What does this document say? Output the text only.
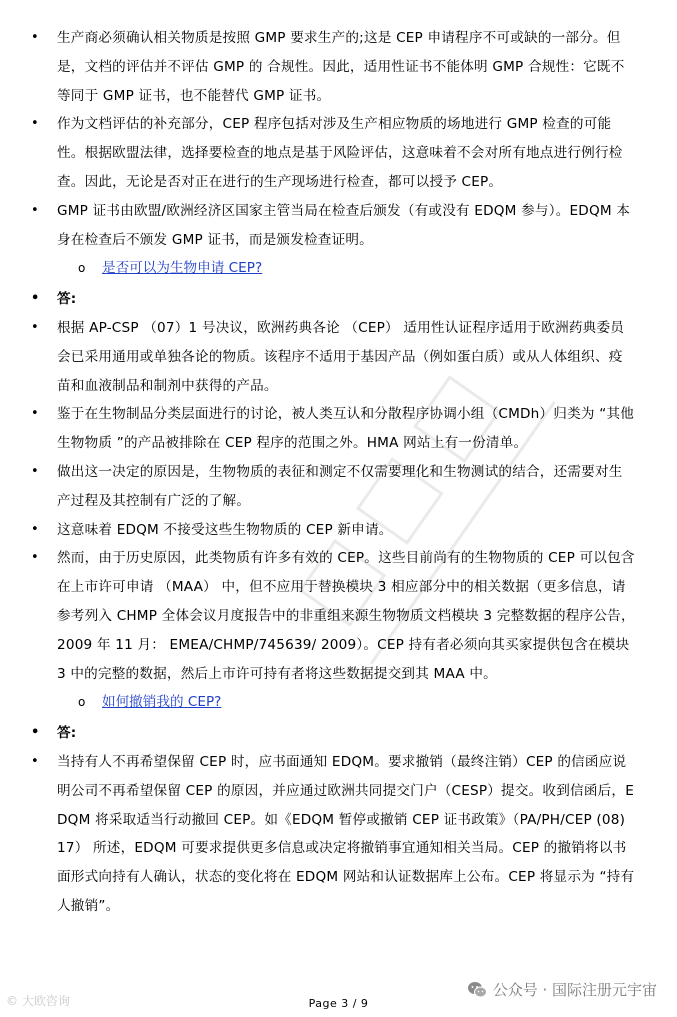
•	生产商必须确认相关物质是按照 GMP 要求生产的;这是 CEP 申请程序不可或缺的一部分。但是，文档的评估并不评估 GMP 的 合规性。因此，适用性证书不能体明 GMP 合规性：它既不等同于 GMP 证书，也不能替代 GMP 证书。
•	作为文档评估的补充部分，CEP 程序包括对涉及生产相应物质的场地进行 GMP 检查的可能性。根据欧盟法律，选择要检查的地点是基于风险评估，这意味着不会对所有地点进行例行检查。因此，无论是否对正在进行的生产现场进行检查，都可以授予 CEP。
•	GMP 证书由欧盟/欧洲经济区国家主管当局在检查后颁发（有或没有 EDQM 参与）。EDQM 本身在检查后不颁发 GMP 证书，而是颁发检查证明。
o 是否可以为生物申请 CEP?
• 答:
•	根据 AP-CSP （07）1 号决议，欧洲药典各论 （CEP） 适用性认证程序适用于欧洲药典委员会已采用通用或单独各论的物质。该程序不适用于基因产品（例如蛋白质）或从人体组织、疫苗和血液制品和制剂中获得的产品。
•	鉴于在生物制品分类层面进行的讨论，被人类互认和分散程序协调小组（CMDh）归类为 “其他生物物质 ”的产品被排除在 CEP 程序的范围之外。HMA 网站上有一份清单。
•	做出这一决定的原因是，生物物质的表征和测定不仅需要理化和生物测试的结合，还需要对生产过程及其控制有广泛的了解。
•	这意味着 EDQM 不接受这些生物物质的 CEP 新申请。
•	然而，由于历史原因，此类物质有许多有效的 CEP。这些目前尚有的生物物质的 CEP 可以包含在上市许可申请 （MAA） 中，但不应用于替换模块 3 相应部分中的相关数据（更多信息，请参考列入 CHMP 全体会议月度报告中的非重组来源生物物质文档模块 3 完整数据的程序公告， 2009 年 11 月： EMEA/CHMP/745639/ 2009）。CEP 持有者必须向其买家提供包含在模块 3 中的完整的数据，然后上市许可持有者将这些数据提交到其 MAA 中。
o 如何撤销我的 CEP?
• 答:
•	当持有人不再希望保留 CEP 时，应书面通知 EDQM。要求撤销（最终注销）CEP 的信函应说明公司不再希望保留 CEP 的原因，并应通过欧洲共同提交门户（CESP）提交。收到信函后，EDQM 将采取适当行动撤回 CEP。如《EDQM 暂停或撤销 CEP 证书政策》（PA/PH/CEP (08) 17） 所述，EDQM 可要求提供更多信息或决定将撤销事宜通知相关当局。CEP 的撤销将以书面形式向持有人确认，状态的变化将在 EDQM 网站和认证数据库上公布。CEP 将显示为 “持有人撤销”。
© 大欧咨询	Page 3 / 9
公众号 · 国际注册元宇宙
